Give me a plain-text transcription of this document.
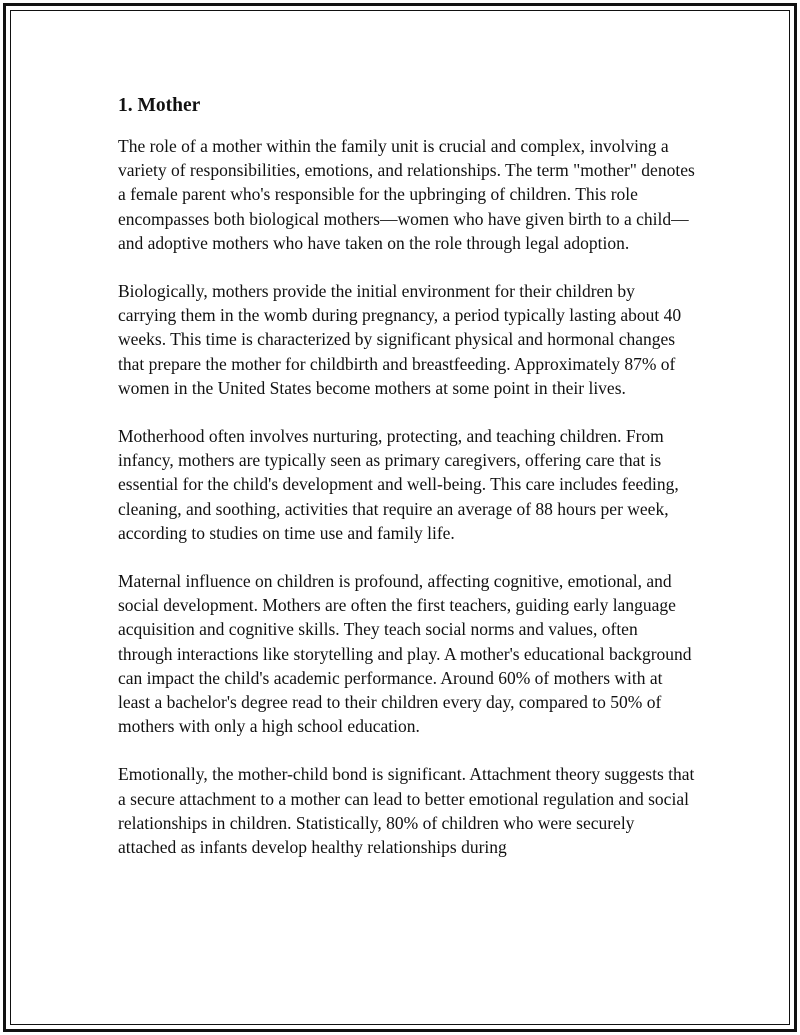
1. Mother

The role of a mother within the family unit is crucial and complex, involving a variety of responsibilities, emotions, and relationships. The term "mother" denotes a female parent who's responsible for the upbringing of children. This role encompasses both biological mothers—women who have given birth to a child—and adoptive mothers who have taken on the role through legal adoption.

Biologically, mothers provide the initial environment for their children by carrying them in the womb during pregnancy, a period typically lasting about 40 weeks. This time is characterized by significant physical and hormonal changes that prepare the mother for childbirth and breastfeeding. Approximately 87% of women in the United States become mothers at some point in their lives.

Motherhood often involves nurturing, protecting, and teaching children. From infancy, mothers are typically seen as primary caregivers, offering care that is essential for the child's development and well-being. This care includes feeding, cleaning, and soothing, activities that require an average of 88 hours per week, according to studies on time use and family life.

Maternal influence on children is profound, affecting cognitive, emotional, and social development. Mothers are often the first teachers, guiding early language acquisition and cognitive skills. They teach social norms and values, often through interactions like storytelling and play. A mother's educational background can impact the child's academic performance. Around 60% of mothers with at least a bachelor's degree read to their children every day, compared to 50% of mothers with only a high school education.

Emotionally, the mother-child bond is significant. Attachment theory suggests that a secure attachment to a mother can lead to better emotional regulation and social relationships in children. Statistically, 80% of children who were securely attached as infants develop healthy relationships during
